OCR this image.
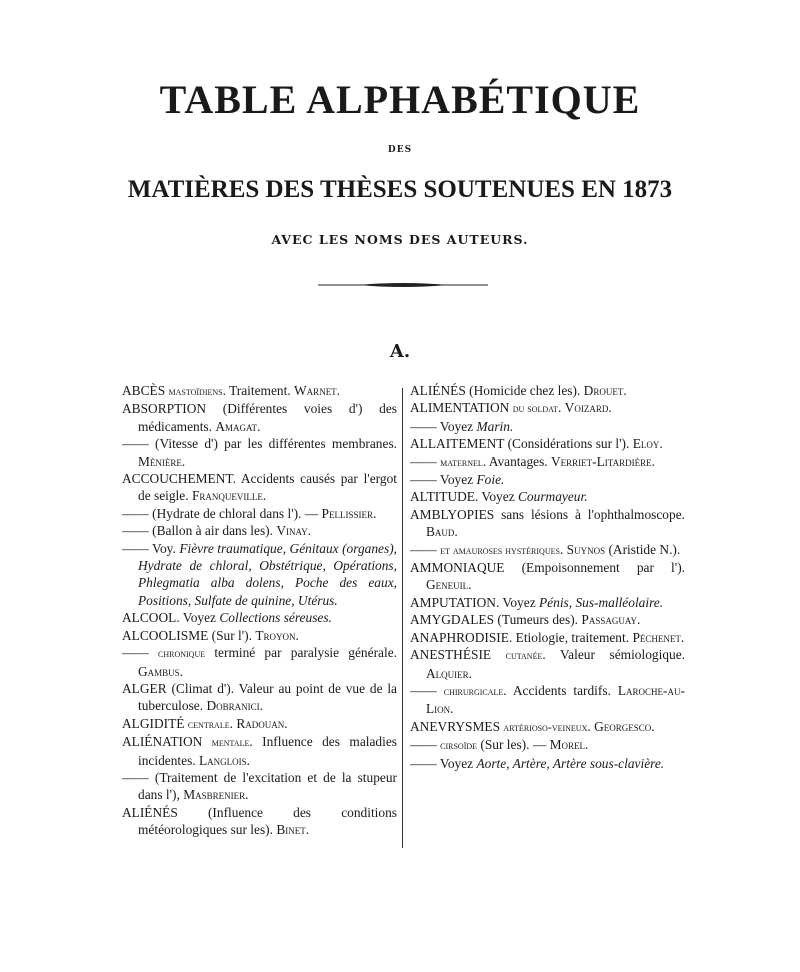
TABLE ALPHABÉTIQUE
DES
MATIÈRES DES THÈSES SOUTENUES EN 1873
AVEC LES NOMS DES AUTEURS.
A.
ABCÈS mastoïdiens. Traitement. Warnet.
ABSORPTION (Différentes voies d') des médicaments. Amagat.
—— (Vitesse d') par les différentes membranes. Ménière.
ACCOUCHEMENT. Accidents causés par l'ergot de seigle. Franqueville.
—— (Hydrate de chloral dans l'). — Pellissier.
—— (Ballon à air dans les). Vinay.
—— Voy. Fièvre traumatique, Génitaux (organes), Hydrate de chloral, Obstétrique, Opérations, Phlegmatia alba dolens, Poche des eaux, Positions, Sulfate de quinine, Utérus.
ALCOOL. Voyez Collections séreuses.
ALCOOLISME (Sur l'). Troyon.
—— chronique terminé par paralysie générale. Gambus.
ALGER (Climat d'). Valeur au point de vue de la tuberculose. Dobranici.
ALGIDITÉ centrale. Radouan.
ALIÉNATION mentale. Influence des maladies incidentes. Langlois.
—— (Traitement de l'excitation et de la stupeur dans l'), Masbrenier.
ALIÉNÉS (Influence des conditions météorologiques sur les). Binet.
ALIÉNÉS (Homicide chez les). Drouet.
ALIMENTATION du soldat. Voizard.
—— Voyez Marin.
ALLAITEMENT (Considérations sur l'). Eloy.
—— maternel. Avantages. Verriet-Litardière.
—— Voyez Foie.
ALTITUDE. Voyez Courmayeur.
AMBLYOPIES sans lésions à l'ophthalmoscope. Baud.
—— et amauroses hystériques. Suynos (Aristide N.).
AMMONIAQUE (Empoisonnement par l'). Geneuil.
AMPUTATION. Voyez Pénis, Sus-malléolaire.
AMYGDALES (Tumeurs des). Passaguay.
ANAPHRODISIE. Etiologie, traitement. Péchenet.
ANESTHÉSIE cutanée. Valeur sémiologique. Alquier.
—— chirurgicale. Accidents tardifs. Laroche-au-Lion.
ANEVRYSMES artérioso-veineux. Georgesco.
—— cirsoïde (Sur les). — Morel.
—— Voyez Aorte, Artère, Artère sous-clavière.
